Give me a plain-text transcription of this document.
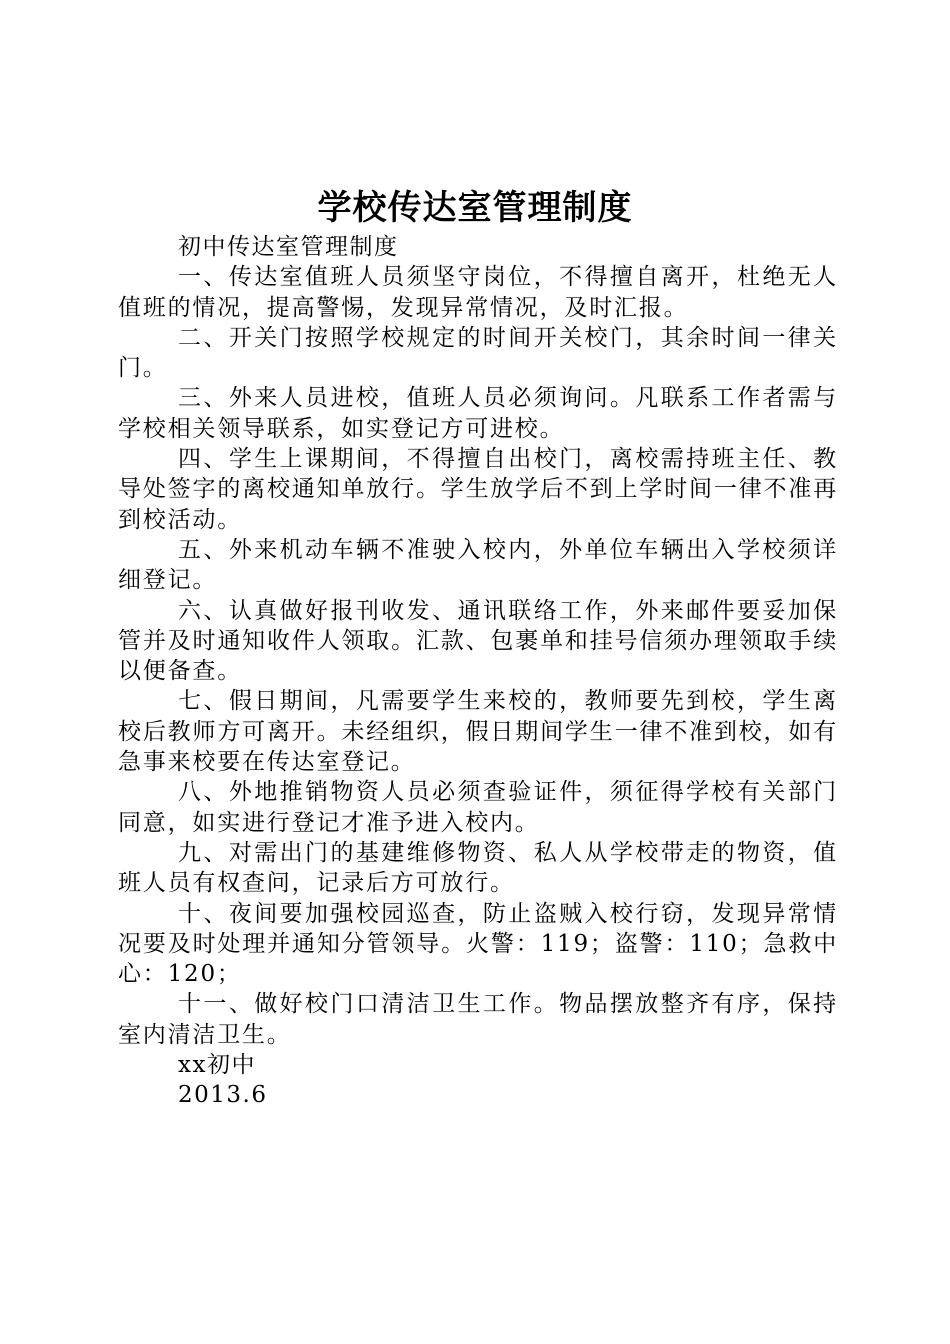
学校传达室管理制度

初中传达室管理制度

一、传达室值班人员须坚守岗位，不得擅自离开，杜绝无人值班的情况，提高警惕，发现异常情况，及时汇报。

二、开关门按照学校规定的时间开关校门，其余时间一律关门。

三、外来人员进校，值班人员必须询问。凡联系工作者需与学校相关领导联系，如实登记方可进校。

四、学生上课期间，不得擅自出校门，离校需持班主任、教导处签字的离校通知单放行。学生放学后不到上学时间一律不准再到校活动。

五、外来机动车辆不准驶入校内，外单位车辆出入学校须详细登记。

六、认真做好报刊收发、通讯联络工作，外来邮件要妥加保管并及时通知收件人领取。汇款、包裹单和挂号信须办理领取手续以便备查。

七、假日期间，凡需要学生来校的，教师要先到校，学生离校后教师方可离开。未经组织，假日期间学生一律不准到校，如有急事来校要在传达室登记。

八、外地推销物资人员必须查验证件，须征得学校有关部门同意，如实进行登记才准予进入校内。

九、对需出门的基建维修物资、私人从学校带走的物资，值班人员有权查问，记录后方可放行。

十、夜间要加强校园巡查，防止盗贼入校行窃，发现异常情况要及时处理并通知分管领导。火警：119；盗警：110；急救中心：120；

十一、做好校门口清洁卫生工作。物品摆放整齐有序，保持室内清洁卫生。

xx初中

2013.6
